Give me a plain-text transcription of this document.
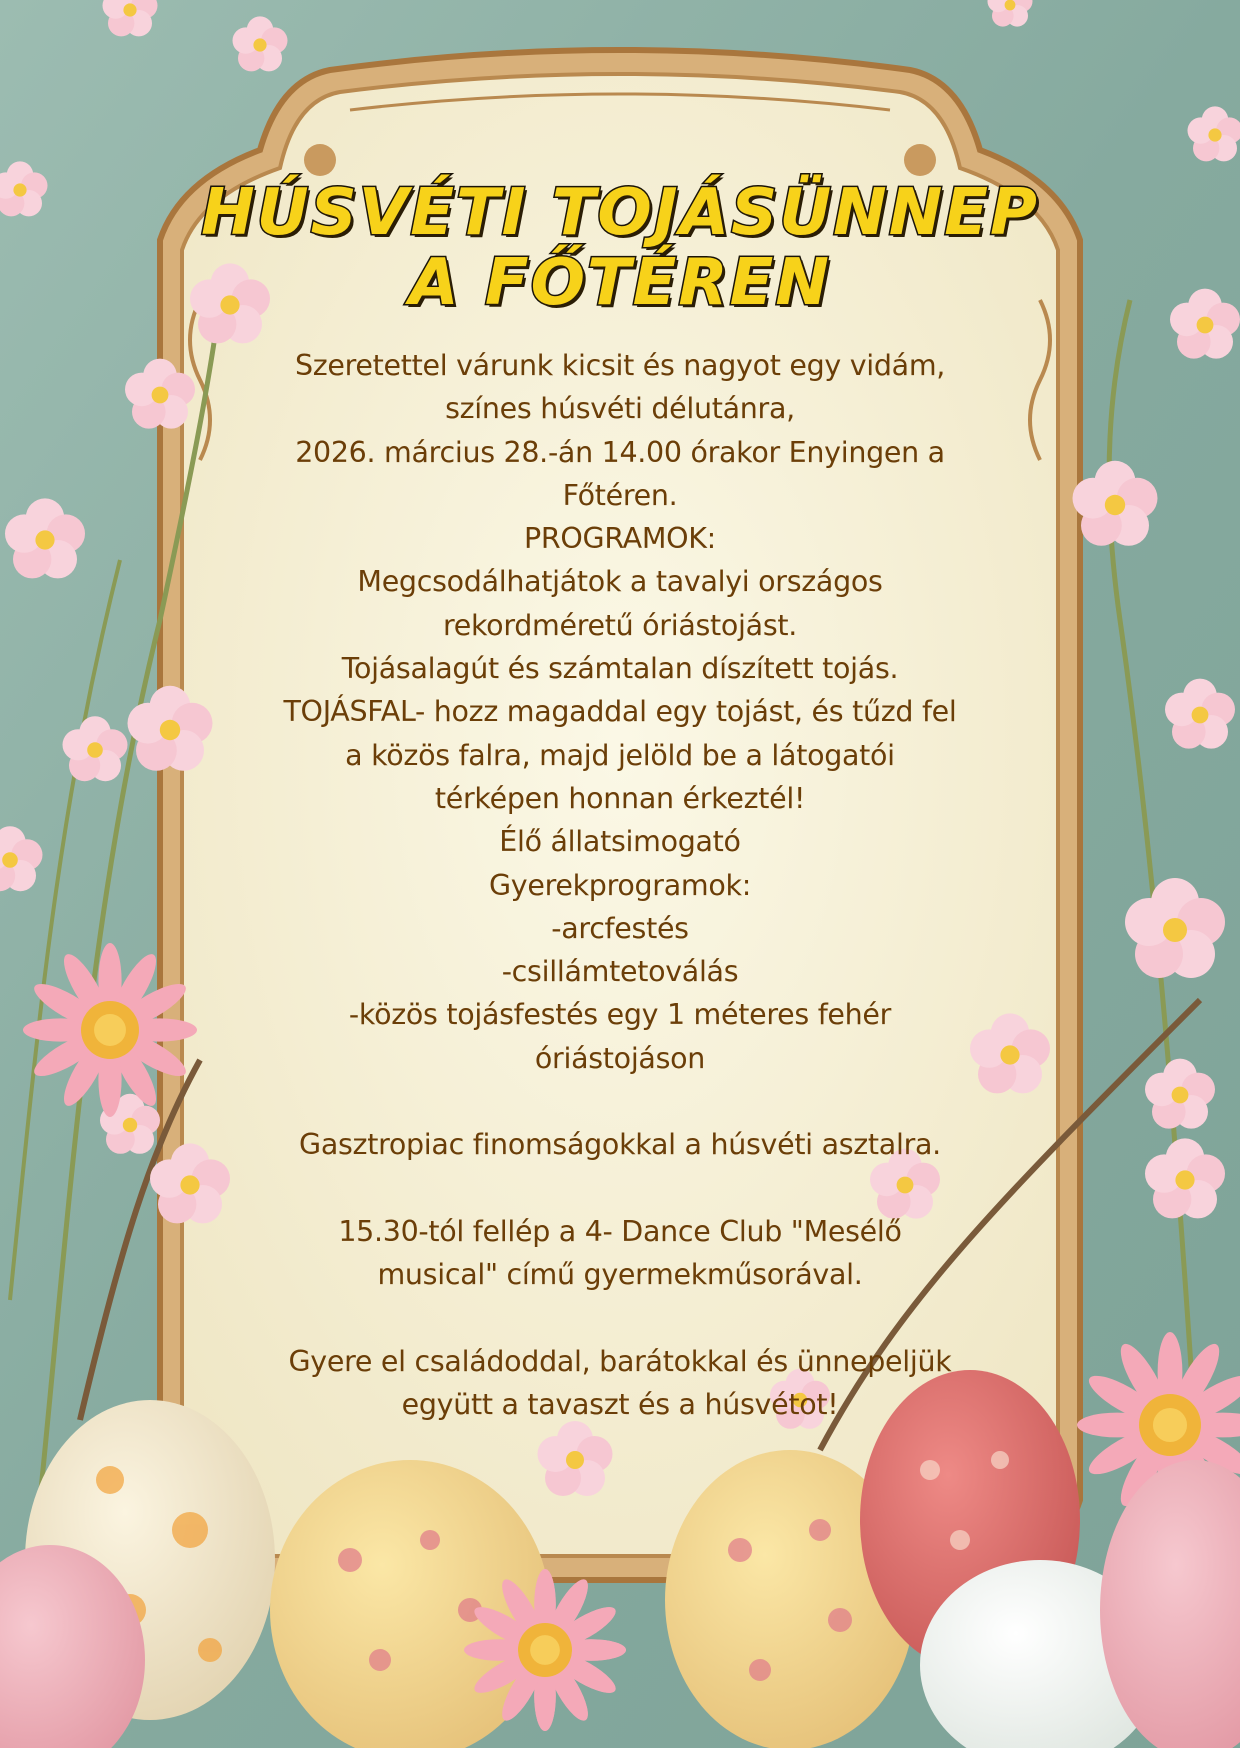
HÚSVÉTI TOJÁSÜNNEP
A FŐTÉREN
Szeretettel várunk kicsit és nagyot egy vidám,
színes húsvéti délutánra,
2026. március 28.-án 14.00 órakor Enyingen a
Főtéren.
PROGRAMOK:
Megcsodálhatjátok a tavalyi országos
rekordméretű óriástojást.
Tojásalagút és számtalan díszített tojás.
TOJÁSFAL- hozz magaddal egy tojást, és tűzd fel
a közös falra, majd jelöld be a látogatói
térképen honnan érkeztél!
Élő állatsimogató
Gyerekprogramok:
-arcfestés
-csillámtetoválás
-közös tojásfestés egy 1 méteres fehér
óriástojáson
Gasztropiac finomságokkal a húsvéti asztalra.
15.30-tól fellép a 4- Dance Club "Mesélő
musical" című gyermekműsorával.
Gyere el családoddal, barátokkal és ünnepeljük
együtt a tavaszt és a húsvétot!
